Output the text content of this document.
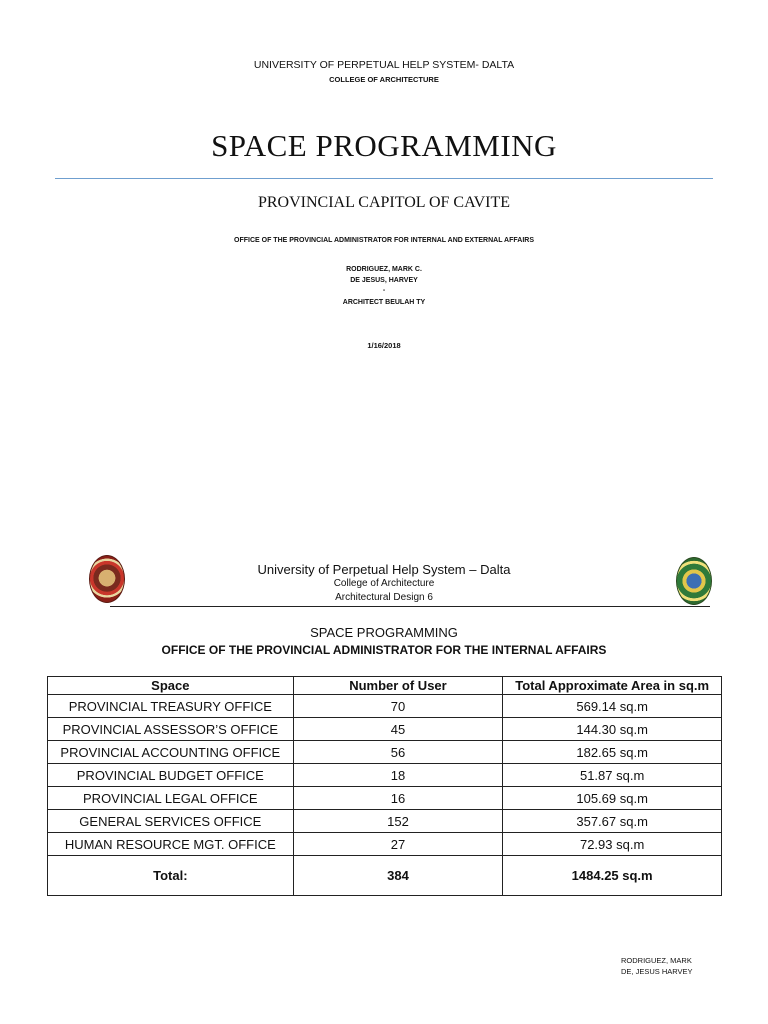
UNIVERSITY OF PERPETUAL HELP SYSTEM- DALTA
COLLEGE OF ARCHITECTURE
SPACE PROGRAMMING
PROVINCIAL CAPITOL OF CAVITE
OFFICE OF THE PROVINCIAL ADMINISTRATOR FOR INTERNAL AND EXTERNAL AFFAIRS
RODRIGUEZ, MARK C.
DE JESUS, HARVEY
-
ARCHITECT BEULAH TY
1/16/2018
University of Perpetual Help System – Dalta
College of Architecture
Architectural Design 6
SPACE PROGRAMMING
OFFICE OF THE PROVINCIAL ADMINISTRATOR FOR THE INTERNAL AFFAIRS
Space	Number of User	Total Approximate Area in sq.m
PROVINCIAL TREASURY OFFICE	70	569.14 sq.m
PROVINCIAL ASSESSOR’S OFFICE	45	144.30 sq.m
PROVINCIAL ACCOUNTING OFFICE	56	182.65 sq.m
PROVINCIAL BUDGET OFFICE	18	51.87 sq.m
PROVINCIAL LEGAL OFFICE	16	105.69 sq.m
GENERAL SERVICES OFFICE	152	357.67 sq.m
HUMAN RESOURCE MGT. OFFICE	27	72.93 sq.m
Total:	384	1484.25 sq.m
RODRIGUEZ, MARK
DE, JESUS HARVEY
